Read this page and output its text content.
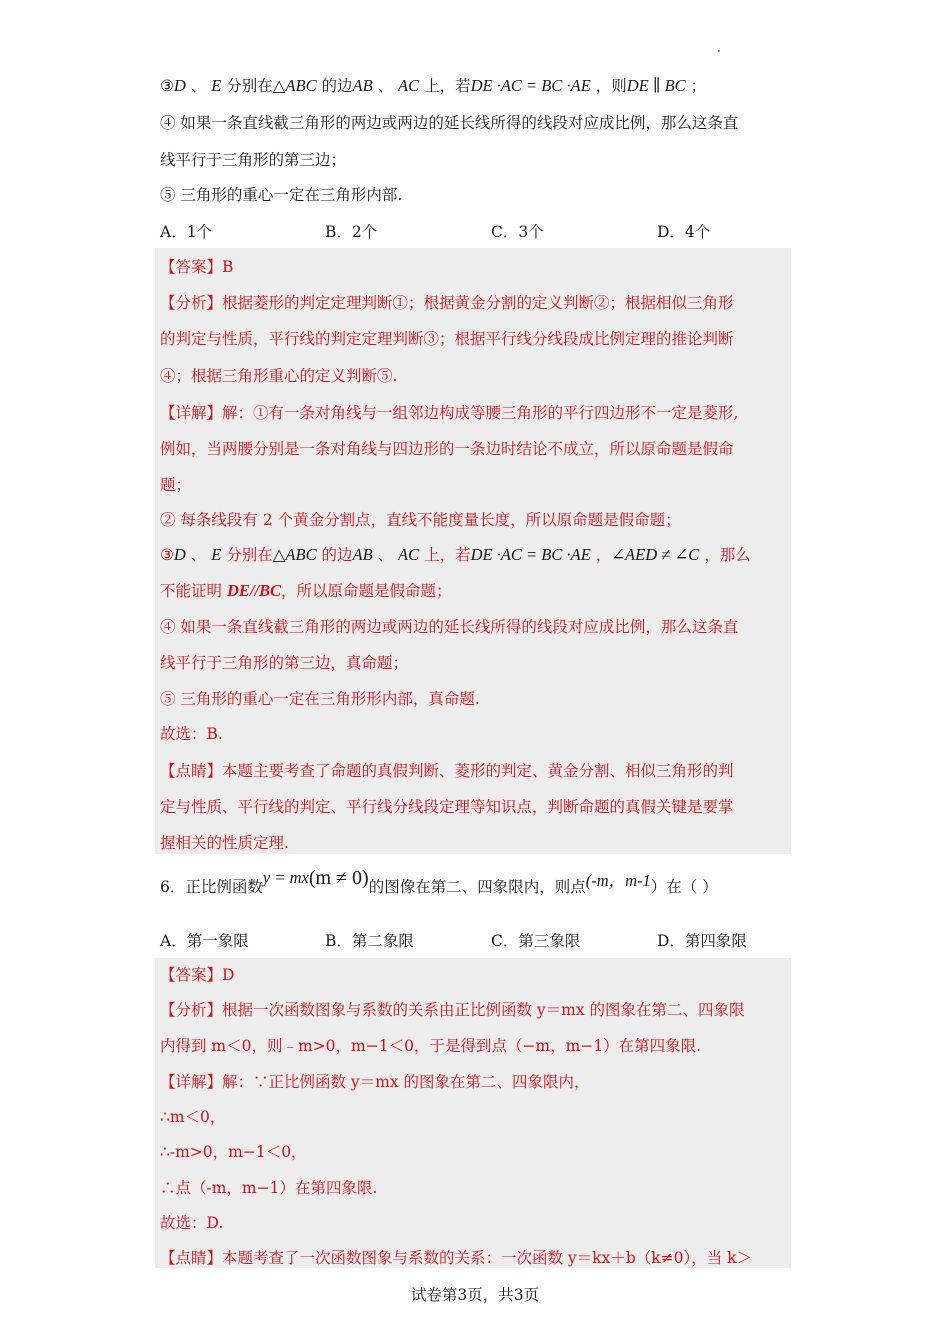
③D 、 E 分别在△ABC 的边AB 、 AC 上，若DE ·AC = BC ·AE ，则DE ∥ BC ；
④ 如果一条直线截三角形的两边或两边的延长线所得的线段对应成比例，那么这条直
线平行于三角形的第三边；
⑤ 三角形的重心一定在三角形内部.
A．1个	B．2个	C．3个	D．4个
【答案】B
【分析】根据菱形的判定定理判断①；根据黄金分割的定义判断②；根据相似三角形
的判定与性质，平行线的判定定理判断③；根据平行线分线段成比例定理的推论判断
④；根据三角形重心的定义判断⑤.
【详解】解：①有一条对角线与一组邻边构成等腰三角形的平行四边形不一定是菱形,
例如，当两腰分别是一条对角线与四边形的一条边时结论不成立，所以原命题是假命
题；
② 每条线段有 2 个黄金分割点，直线不能度量长度，所以原命题是假命题；
③D 、 E 分别在△ABC 的边AB 、 AC 上，若DE ·AC = BC ·AE ，∠AED ≠ ∠C ，那么
不能证明 DE//BC，所以原命题是假命题；
④ 如果一条直线截三角形的两边或两边的延长线所得的线段对应成比例，那么这条直
线平行于三角形的第三边，真命题；
⑤ 三角形的重心一定在三角形形内部，真命题.
故选：B.
【点睛】本题主要考查了命题的真假判断、菱形的判定、黄金分割、相似三角形的判
定与性质、平行线的判定、平行线分线段定理等知识点，判断命题的真假关键是要掌
握相关的性质定理.
6．正比例函数y = mx(m ≠ 0)的图像在第二、四象限内，则点(-m，m-1）在（ ）
A．第一象限	B．第二象限	C．第三象限	D．第四象限
【答案】D
【分析】根据一次函数图象与系数的关系由正比例函数 y＝mx 的图象在第二、四象限
内得到 m＜0，则﹣m>0，m−1＜0，于是得到点（−m，m−1）在第四象限.
【详解】解：∵正比例函数 y＝mx 的图象在第二、四象限内，
∴m＜0，
∴-m>0，m−1＜0，
∴点（-m，m−1）在第四象限.
故选：D.
【点睛】本题考查了一次函数图象与系数的关系：一次函数 y＝kx＋b（k≠0），当 k＞
试卷第3页，共3页
